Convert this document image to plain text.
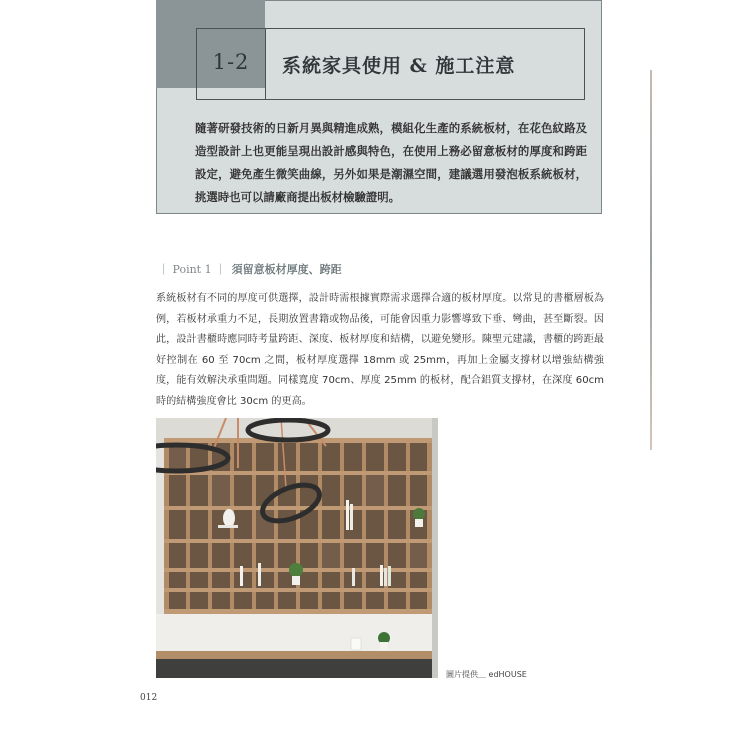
1-2	系統家具使用 & 施工注意
隨著研發技術的日新月異與精進成熟，模組化生產的系統板材，在花色紋路及造型設計上也更能呈現出設計感與特色，在使用上務必留意板材的厚度和跨距設定，避免產生微笑曲線，另外如果是潮濕空間，建議選用發泡板系統板材，挑選時也可以請廠商提出板材檢驗證明。
｜ Point 1 ｜ 須留意板材厚度、跨距
系統板材有不同的厚度可供選擇，設計時需根據實際需求選擇合適的板材厚度。以常見的書櫃層板為例，若板材承重力不足，長期放置書籍或物品後，可能會因重力影響導致下垂、彎曲，甚至斷裂。因此，設計書櫃時應同時考量跨距、深度、板材厚度和結構，以避免變形。陳聖元建議，書櫃的跨距最好控制在 60 至 70cm 之間，板材厚度選擇 18mm 或 25mm，再加上金屬支撐材以增強結構強度，能有效解決承重問題。同樣寬度 70cm、厚度 25mm 的板材，配合鋁質支撐材，在深度 60cm 時的結構強度會比 30cm 的更高。
圖片提供＿ edHOUSE
012
